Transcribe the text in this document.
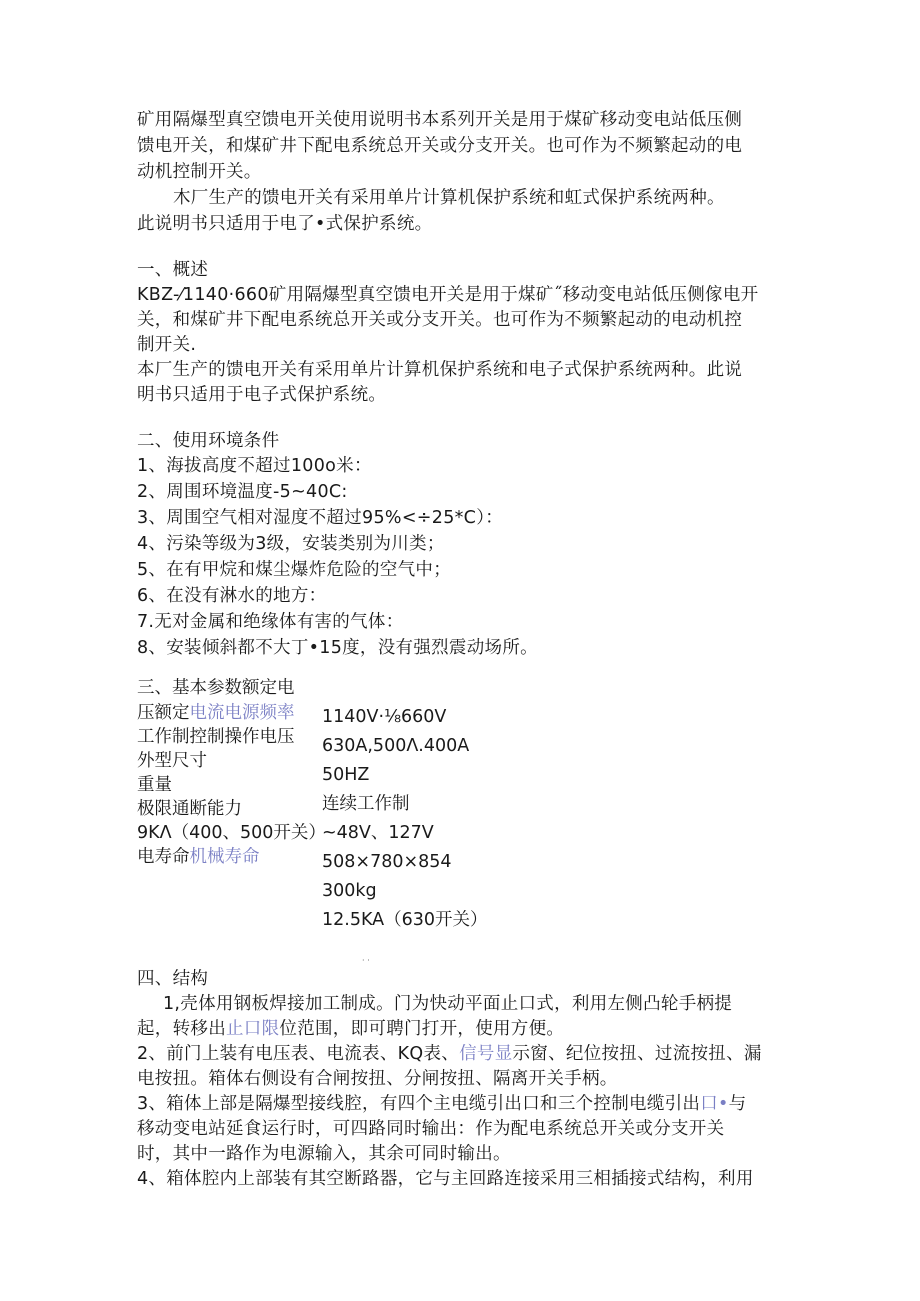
矿用隔爆型真空馈电开关使用说明书本系列开关是用于煤矿移动变电站低压侧
馈电开关，和煤矿井下配电系统总开关或分支开关。也可作为不频繁起动的电
动机控制开关。
木厂生产的馈电开关有采用单片计算机保护系统和虹式保护系统两种。
此说明书只适用于电了•式保护系统。
一、概述
KBZ-⁄1140·660矿用隔爆型真空馈电开关是用于煤矿˝移动变电站低压侧傢电开
关，和煤矿井下配电系统总开关或分支开关。也可作为不频繁起动的电动机控
制开关.
本厂生产的馈电开关有采用单片计算机保护系统和电子式保护系统两种。此说
明书只适用于电子式保护系统。
二、使用环境条件
1、海拔高度不超过100o米：
2、周围环境温度-5~40C:
3、周围空气相对湿度不超过95%<÷25*C）：
4、污染等级为3级，安装类别为川类；
5、在有甲烷和煤尘爆炸危险的空气中；
6、在没有淋水的地方：
7.无对金属和绝缘体有害的气体：
8、安装倾斜都不大丁•15度，没有强烈震动场所。
三、基本参数额定电
压额定电流电源频率
工作制控制操作电压
外型尺寸
重量
极限通断能力
9KΛ（400、500开关）
电寿命机械寿命
1140V·⅛660V
630A,500Λ.400A
50HZ
连续工作制
~48V、127V
508×780×854
300kg
12.5KA（630开关）
· ·
四、结构
1,壳体用钢板焊接加工制成。门为快动平面止口式，利用左侧凸轮手柄提
起，转移出止口限位范围，即可聘门打开，使用方便。
2、前门上装有电压表、电流表、KQ表、信号显示窗、纪位按扭、过流按扭、漏
电按扭。箱体右侧设有合闸按扭、分闸按扭、隔离开关手柄。
3、箱体上部是隔爆型接线腔，有四个主电缆引出口和三个控制电缆引出口•与
移动变电站延食运行时，可四路同时输出：作为配电系统总开关或分支开关
时，其中一路作为电源输入，其余可同时输出。
4、箱体腔内上部装有其空断路器，它与主回路连接采用三相插接式结构，利用
